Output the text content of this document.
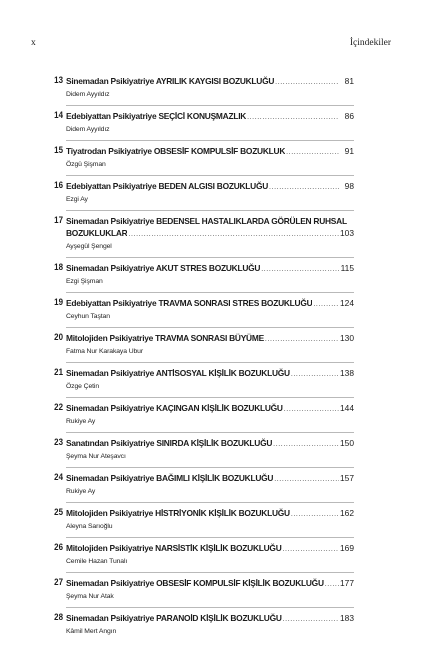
x	İçindekiler
13 Sinemadan Psikiyatriye AYRILIK KAYGISI BOZUKLUĞU .....	81
Didem Ayyıldız
14 Edebiyattan Psikiyatriye SEÇİCİ KONUŞMAZLIK .....	86
Didem Ayyıldız
15 Tiyatrodan Psikiyatriye OBSESİF KOMPULSİF BOZUKLUK .....	91
Özgü Şişman
16 Edebiyattan Psikiyatriye BEDEN ALGISI BOZUKLUĞU .....	98
Ezgi Ay
17 Sinemadan Psikiyatriye BEDENSEL HASTALIKLARDA GÖRÜLEN RUHSAL
BOZUKLUKLAR .....	103
Ayşegül Şengel
18 Sinemadan Psikiyatriye AKUT STRES BOZUKLUĞU .....	115
Ezgi Şişman
19 Edebiyattan Psikiyatriye TRAVMA SONRASI STRES BOZUKLUĞU .....	124
Ceyhun Taştan
20 Mitolojiden Psikiyatriye TRAVMA SONRASI BÜYÜME .....	130
Fatma Nur Karakaya Ubur
21 Sinemadan Psikiyatriye ANTİSOSYAL KİŞİLİK BOZUKLUĞU .....	138
Özge Çetin
22 Sinemadan Psikiyatriye KAÇINGAN KİŞİLİK BOZUKLUĞU .....	144
Rukiye Ay
23 Sanatından Psikiyatriye SINIRDA KİŞİLİK BOZUKLUĞU .....	150
Şeyma Nur Ateşavcı
24 Sinemadan Psikiyatriye BAĞIMLI KİŞİLİK BOZUKLUĞU .....	157
Rukiye Ay
25 Mitolojiden Psikiyatriye HİSTRİYONİK KİŞİLİK BOZUKLUĞU .....	162
Aleyna Sarıoğlu
26 Mitolojiden Psikiyatriye NARSİSTİK KİŞİLİK BOZUKLUĞU .....	169
Cemile Hazan Tunalı
27 Sinemadan Psikiyatriye OBSESİF KOMPULSİF KİŞİLİK BOZUKLUĞU ..... 177
Şeyma Nur Atak
28 Sinemadan Psikiyatriye PARANOİD KİŞİLİK BOZUKLUĞU .....	183
Kâmil Mert Angın
